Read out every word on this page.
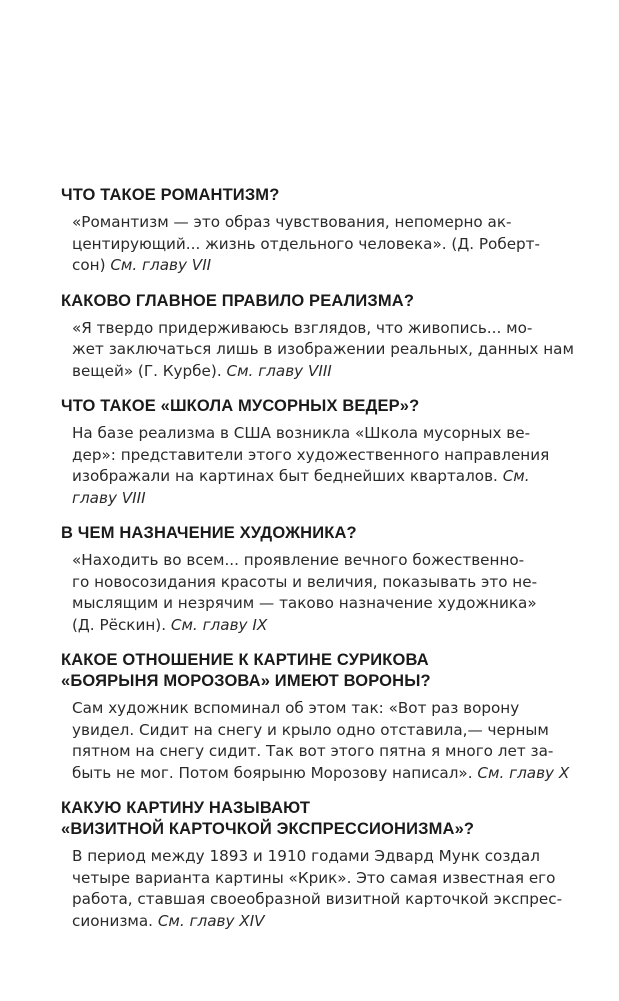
ЧТО ТАКОЕ РОМАНТИЗМ?
«Романтизм — это образ чувствования, непомерно ак-
центирующий... жизнь отдельного человека». (Д. Роберт-
сон) См. главу VII
КАКОВО ГЛАВНОЕ ПРАВИЛО РЕАЛИЗМА?
«Я твердо придерживаюсь взглядов, что живопись... мо-
жет заключаться лишь в изображении реальных, данных нам
вещей» (Г. Курбе). См. главу VIII
ЧТО ТАКОЕ «ШКОЛА МУСОРНЫХ ВЕДЕР»?
На базе реализма в США возникла «Школа мусорных ве-
дер»: представители этого художественного направления
изображали на картинах быт беднейших кварталов. См.
главу VIII
В ЧЕМ НАЗНАЧЕНИЕ ХУДОЖНИКА?
«Находить во всем... проявление вечного божественно-
го новосозидания красоты и величия, показывать это не-
мыслящим и незрячим — таково назначение художника»
(Д. Рёскин). См. главу IX
КАКОЕ ОТНОШЕНИЕ К КАРТИНЕ СУРИКОВА
«БОЯРЫНЯ МОРОЗОВА» ИМЕЮТ ВОРОНЫ?
Сам художник вспоминал об этом так: «Вот раз ворону
увидел. Сидит на снегу и крыло одно отставила,— черным
пятном на снегу сидит. Так вот этого пятна я много лет за-
быть не мог. Потом боярыню Морозову написал». См. главу X
КАКУЮ КАРТИНУ НАЗЫВАЮТ
«ВИЗИТНОЙ КАРТОЧКОЙ ЭКСПРЕССИОНИЗМА»?
В период между 1893 и 1910 годами Эдвард Мунк создал
четыре варианта картины «Крик». Это самая известная его
работа, ставшая своеобразной визитной карточкой экспрес-
сионизма. См. главу XIV
